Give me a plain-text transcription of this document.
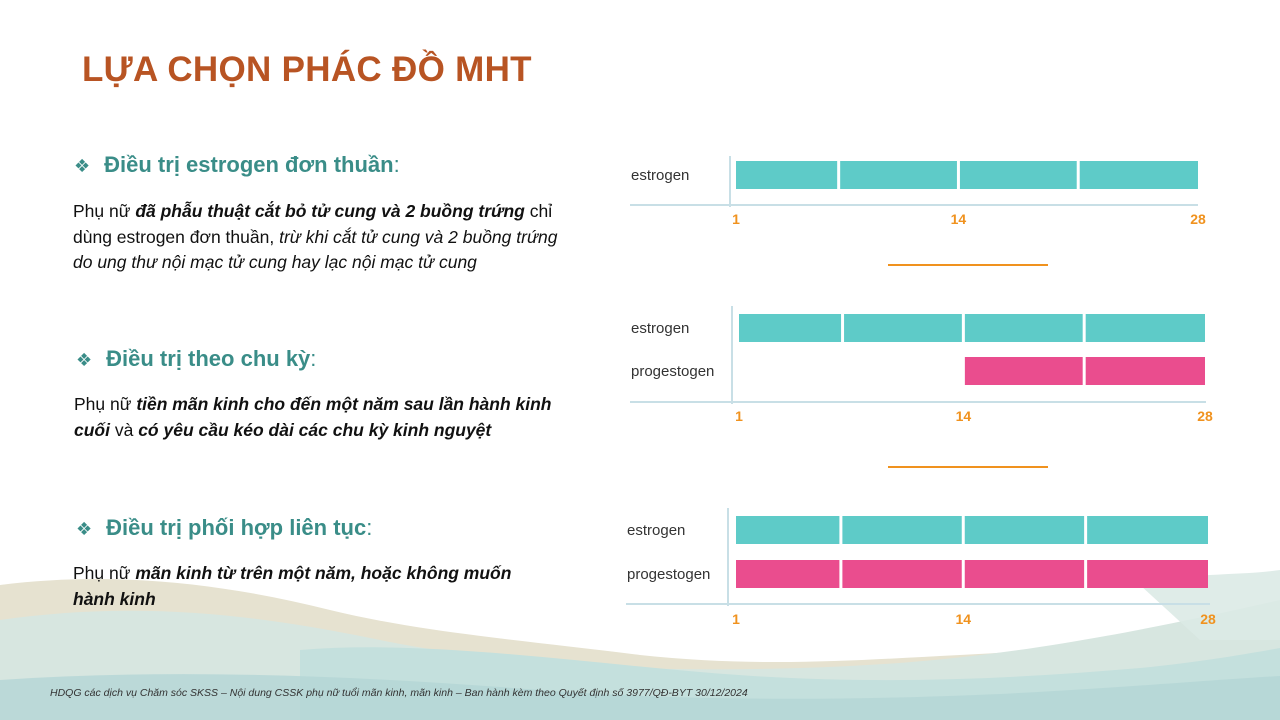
LỰA CHỌN PHÁC ĐỒ MHT
❖ Điều trị estrogen đơn thuần:

Phụ nữ đã phẫu thuật cắt bỏ tử cung và 2 buồng trứng chỉ dùng estrogen đơn thuần, trừ khi cắt tử cung và 2 buồng trứng do ung thư nội mạc tử cung hay lạc nội mạc tử cung

❖ Điều trị theo chu kỳ:

Phụ nữ tiền mãn kinh cho đến một năm sau lần hành kinh cuối và có yêu cầu kéo dài các chu kỳ kinh nguyệt

❖ Điều trị phối hợp liên tục:

Phụ nữ mãn kinh từ trên một năm, hoặc không muốn hành kinh

estrogen
1	14	28
estrogen
progestogen
1	14	28
estrogen
progestogen
1	14	28

HDQG các dịch vụ Chăm sóc SKSS – Nội dung CSSK phụ nữ tuổi mãn kinh, mãn kinh – Ban hành kèm theo Quyết định số 3977/QĐ-BYT 30/12/2024
